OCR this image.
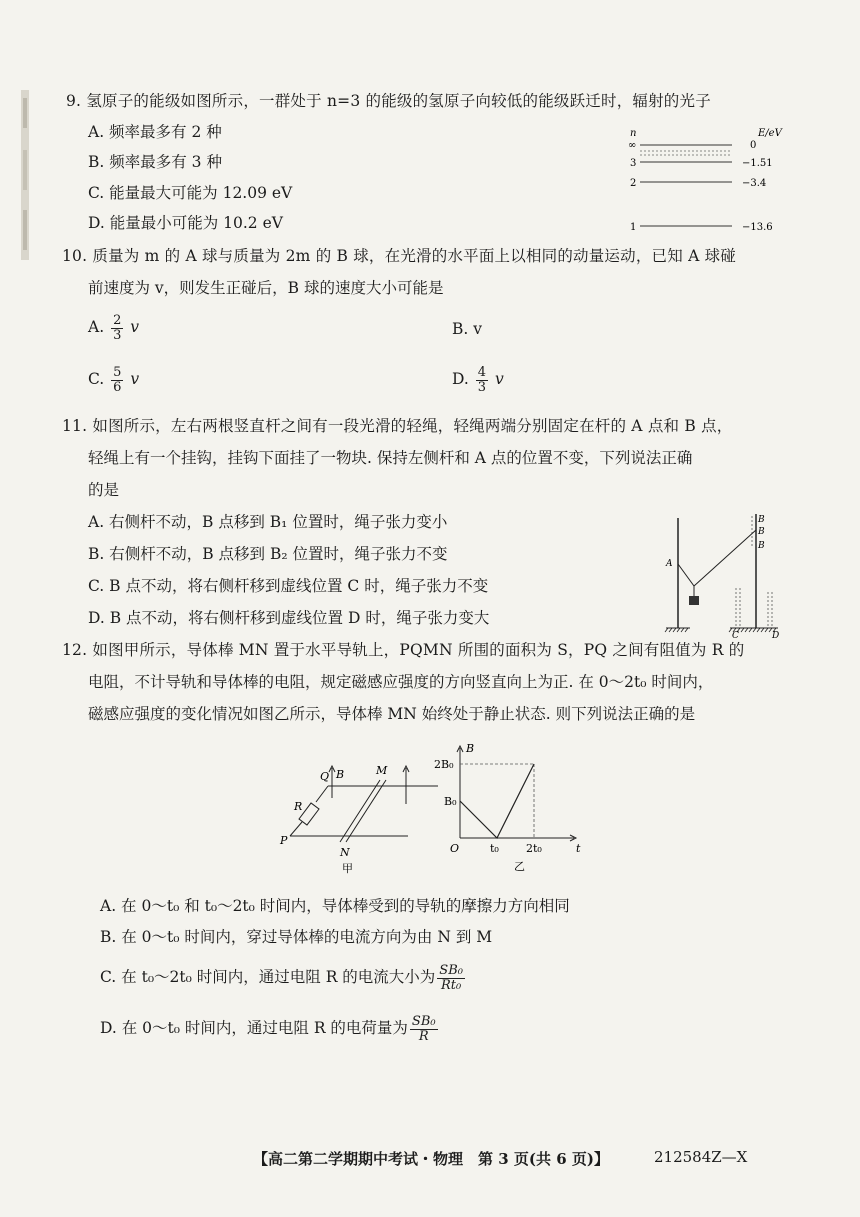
9. 氢原子的能级如图所示，一群处于 n=3 的能级的氢原子向较低的能级跃迁时，辐射的光子
A. 频率最多有 2 种
B. 频率最多有 3 种
C. 能量最大可能为 12.09 eV
D. 能量最小可能为 10.2 eV
n	E/eV
∞	0
3	−1.51
2	−3.4
1	−13.6
10. 质量为 m 的 A 球与质量为 2m 的 B 球，在光滑的水平面上以相同的动量运动，已知 A 球碰
前速度为 v，则发生正碰后，B 球的速度大小可能是
A. $\frac{2}{3}$ v	B. v
C. $\frac{5}{6}$ v	D. $\frac{4}{3}$ v
11. 如图所示，左右两根竖直杆之间有一段光滑的轻绳，轻绳两端分别固定在杆的 A 点和 B 点，
轻绳上有一个挂钩，挂钩下面挂了一物块. 保持左侧杆和 A 点的位置不变，下列说法正确
的是
A. 右侧杆不动，B 点移到 B₁ 位置时，绳子张力变小
B. 右侧杆不动，B 点移到 B₂ 位置时，绳子张力不变
C. B 点不动，将右侧杆移到虚线位置 C 时，绳子张力不变
D. B 点不动，将右侧杆移到虚线位置 D 时，绳子张力变大
A
B
B
B
C	D
12. 如图甲所示，导体棒 MN 置于水平导轨上，PQMN 所围的面积为 S，PQ 之间有阻值为 R 的
电阻，不计导轨和导体棒的电阻，规定磁感应强度的方向竖直向上为正. 在 0～2t₀ 时间内，
磁感应强度的变化情况如图乙所示，导体棒 MN 始终处于静止状态. 则下列说法正确的是
Q B	M
R
P
N
甲
B
t
O
2B₀
B₀
t₀ 2t₀
乙
A. 在 0～t₀ 和 t₀～2t₀ 时间内，导体棒受到的导轨的摩擦力方向相同
B. 在 0～t₀ 时间内，穿过导体棒的电流方向为由 N 到 M
C. 在 t₀～2t₀ 时间内，通过电阻 R 的电流大小为 $\frac{\text{SB₀}}{\text{Rt₀}}$
D. 在 0～t₀ 时间内，通过电阻 R 的电荷量为 $\frac{\text{SB₀}}{R}$
【高二第二学期期中考试・物理　第 3 页(共 6 页)】	212584Z—X
